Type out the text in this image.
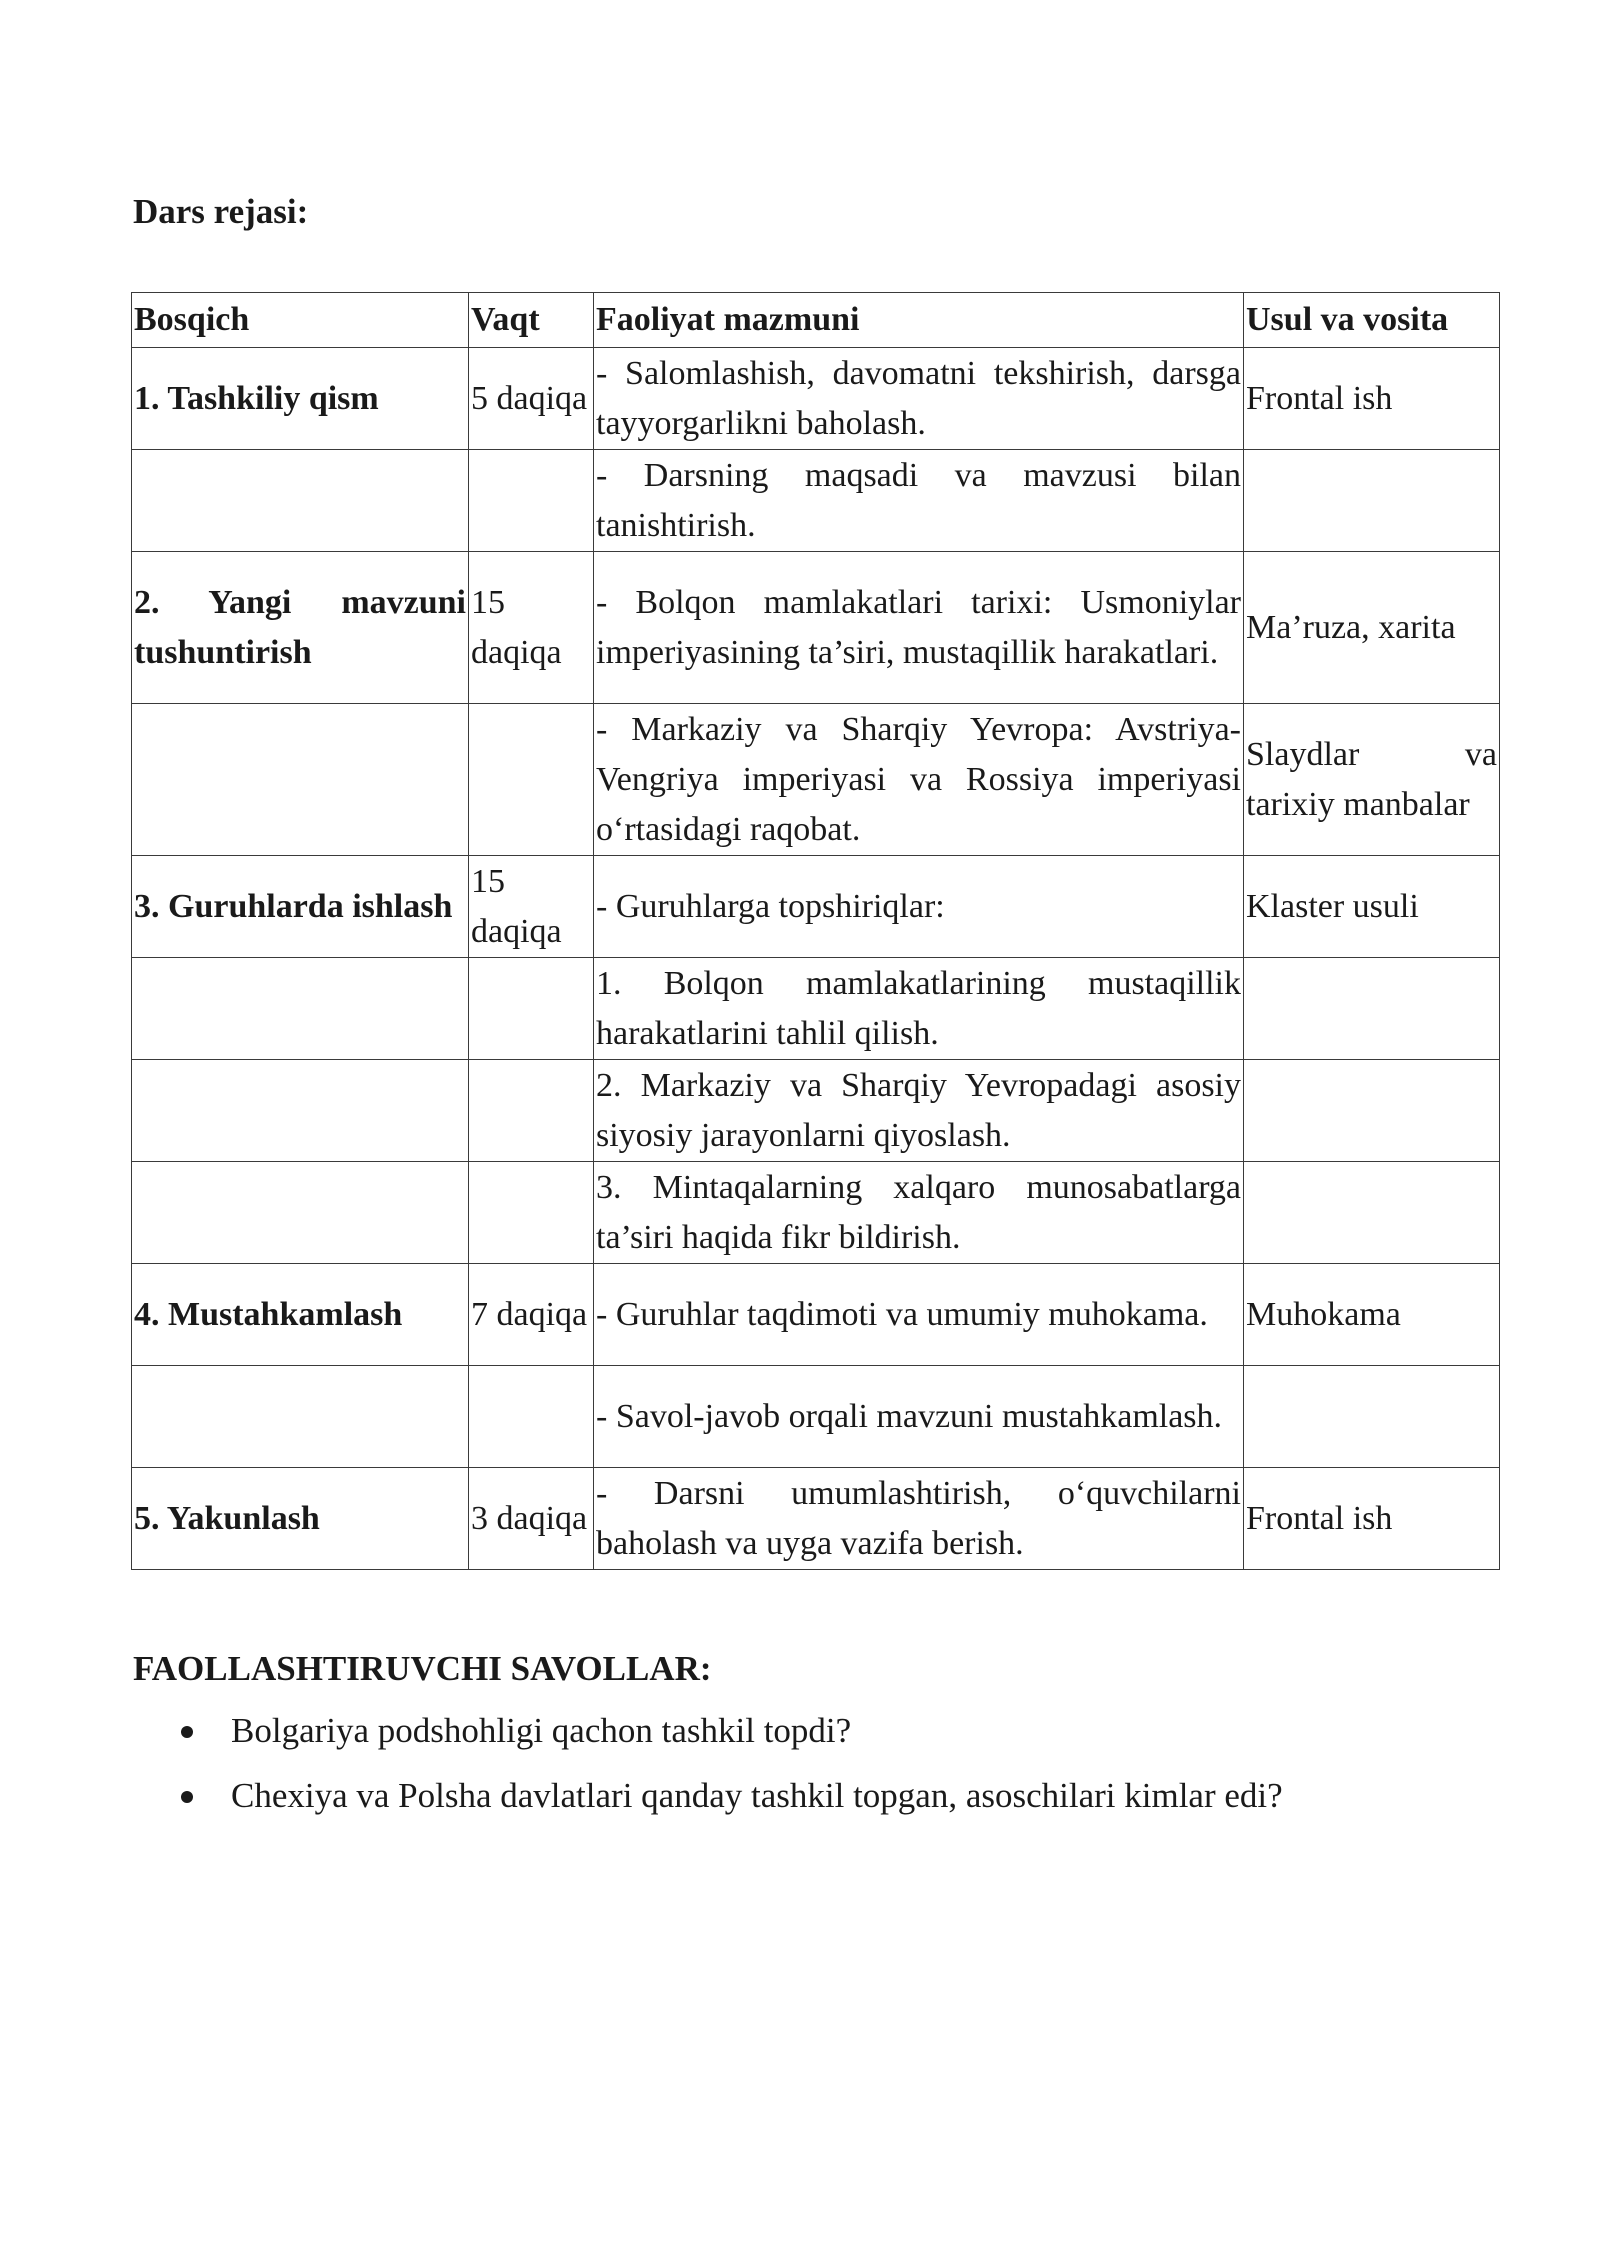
Dars rejasi:
Bosqich	Vaqt	Faoliyat mazmuni	Usul va vosita
1. Tashkiliy qism	5 daqiqa	- Salomlashish, davomatni tekshirish, darsga tayyorgarlikni baholash.	Frontal ish
		- Darsning maqsadi va mavzusi bilan tanishtirish.	
2. Yangi mavzuni tushuntirish	15 daqiqa	- Bolqon mamlakatlari tarixi: Usmoniylar imperiyasining ta’siri, mustaqillik harakatlari.	Ma’ruza, xarita
		- Markaziy va Sharqiy Yevropa: Avstriya-Vengriya imperiyasi va Rossiya imperiyasi o‘rtasidagi raqobat.	Slaydlar va tarixiy manbalar
3. Guruhlarda ishlash	15 daqiqa	- Guruhlarga topshiriqlar:	Klaster usuli
		1. Bolqon mamlakatlarining mustaqillik harakatlarini tahlil qilish.	
		2. Markaziy va Sharqiy Yevropadagi asosiy siyosiy jarayonlarni qiyoslash.	
		3. Mintaqalarning xalqaro munosabatlarga ta’siri haqida fikr bildirish.	
4. Mustahkamlash	7 daqiqa	- Guruhlar taqdimoti va umumiy muhokama.	Muhokama
		- Savol-javob orqali mavzuni mustahkamlash.	
5. Yakunlash	3 daqiqa	- Darsni umumlashtirish, o‘quvchilarni baholash va uyga vazifa berish.	Frontal ish
FAOLLASHTIRUVCHI SAVOLLAR:
Bolgariya podshohligi qachon tashkil topdi?
Chexiya va Polsha davlatlari qanday tashkil topgan, asoschilari kimlar edi?
